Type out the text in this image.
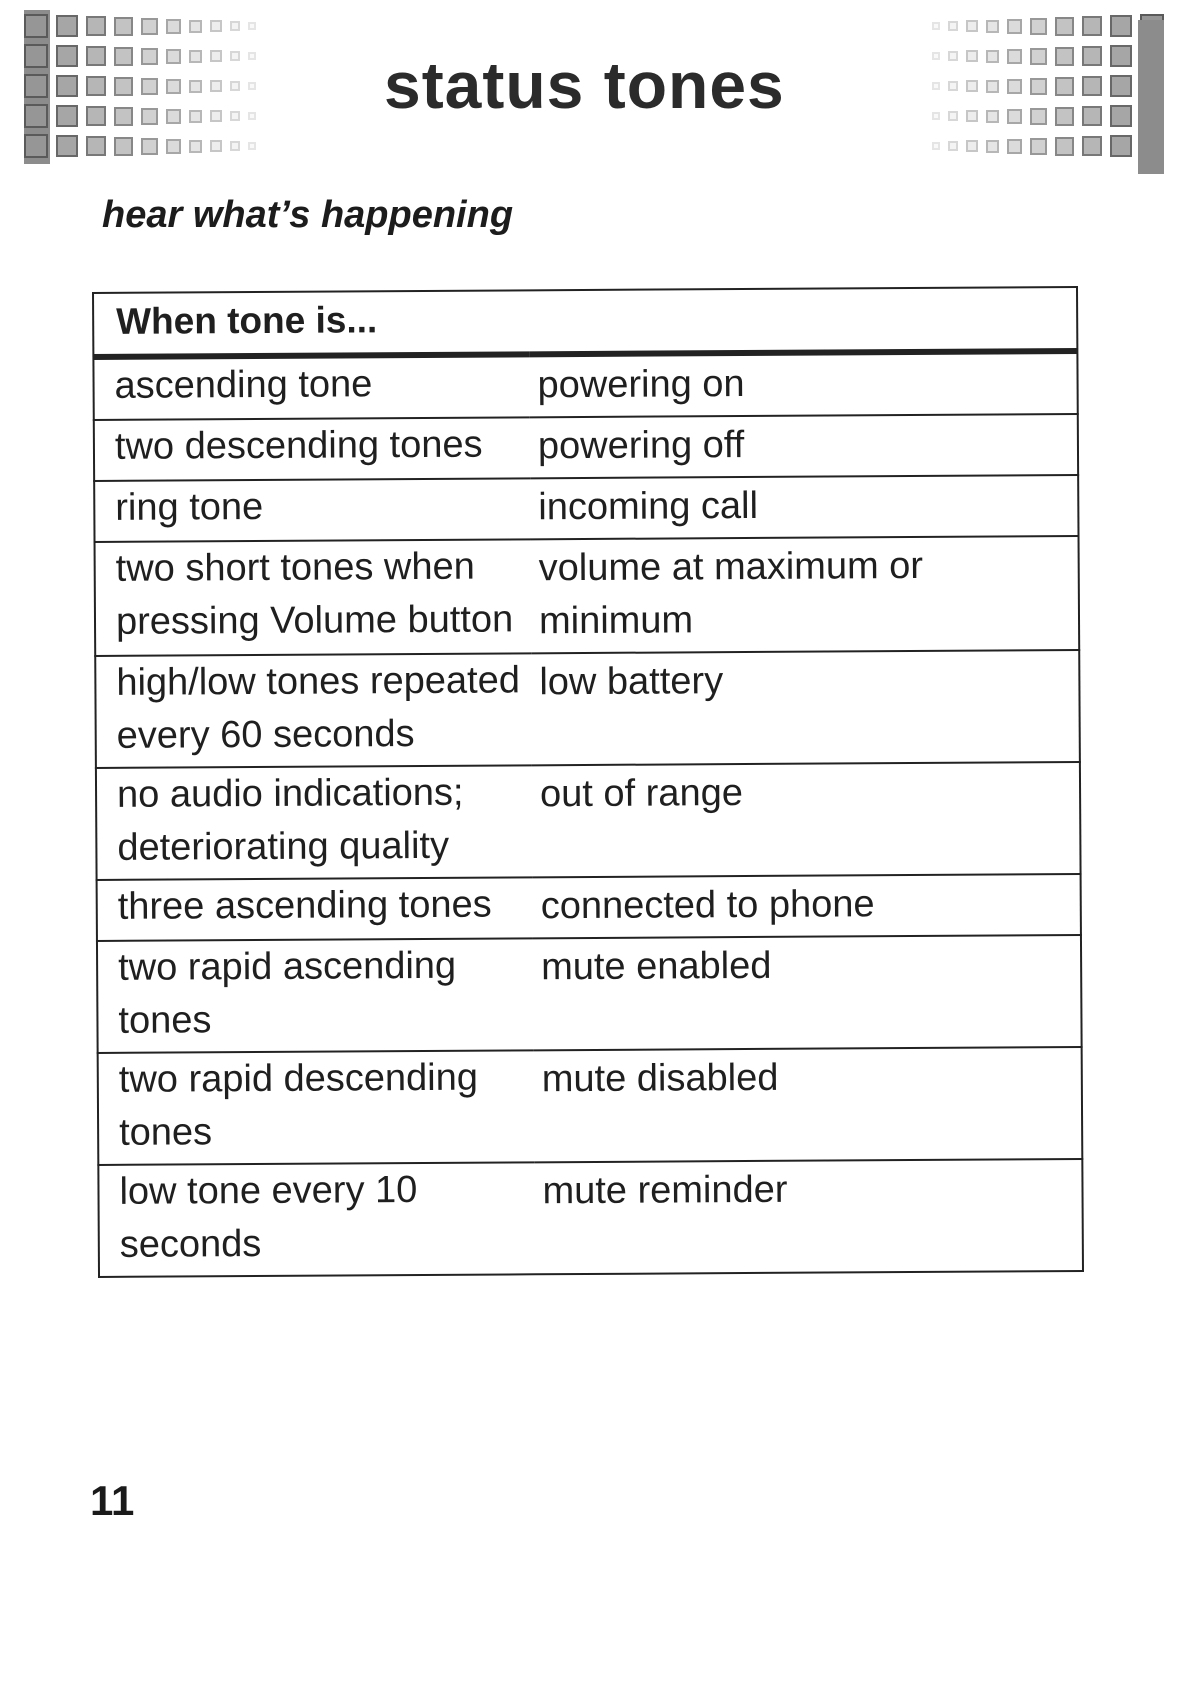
status tones
hear what’s happening
When tone is...	
ascending tone	powering on
two descending tones	powering off
ring tone	incoming call
two short tones when pressing Volume button	volume at maximum or minimum
high/low tones repeated every 60 seconds	low battery
no audio indications; deteriorating quality	out of range
three ascending tones	connected to phone
two rapid ascending tones	mute enabled
two rapid descending tones	mute disabled
low tone every 10 seconds	mute reminder

11
